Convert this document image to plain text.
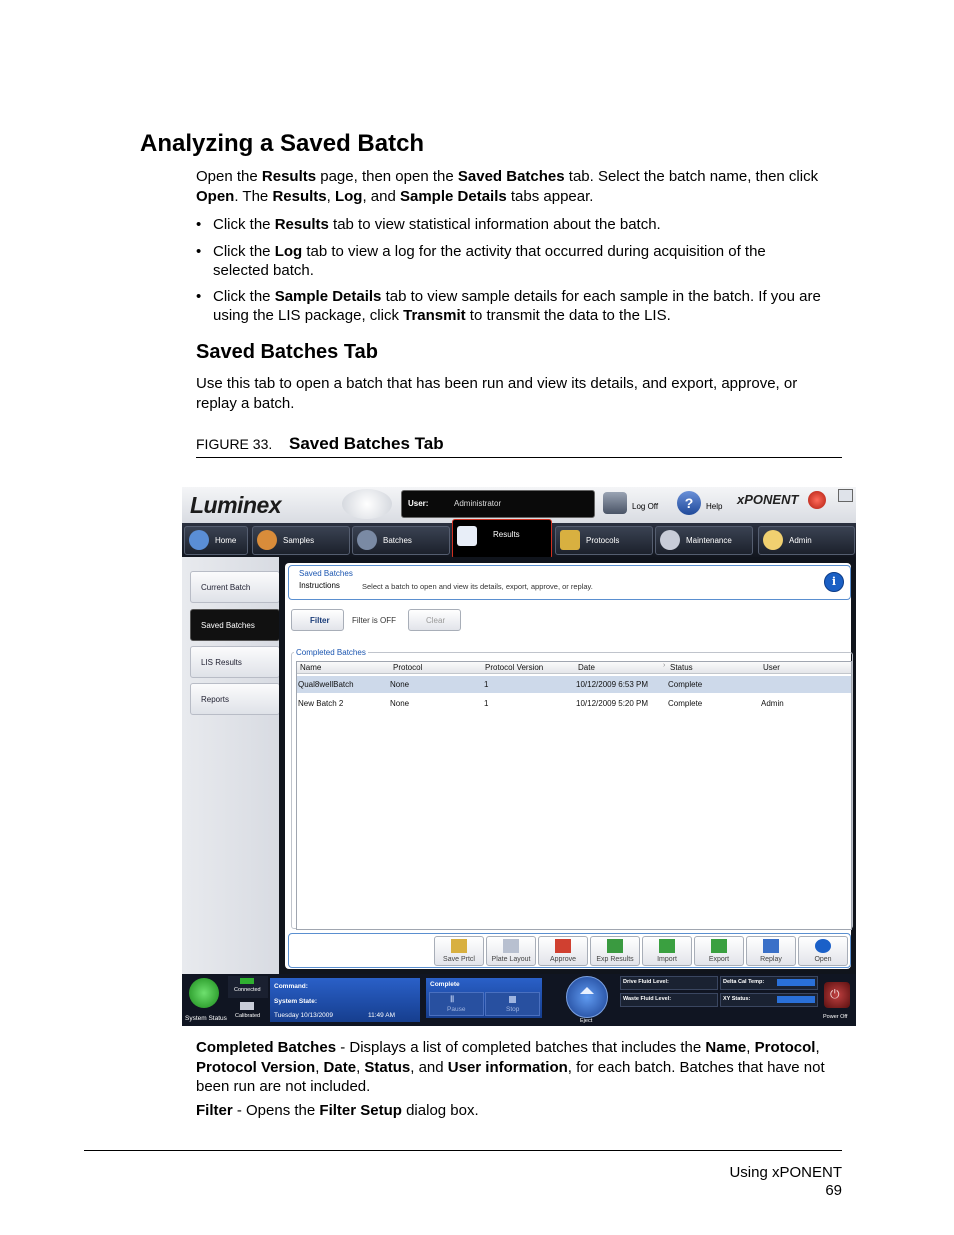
Analyzing a Saved Batch
Open the Results page, then open the Saved Batches tab. Select the batch name, then click Open. The Results, Log, and Sample Details tabs appear.
• Click the Results tab to view statistical information about the batch.
• Click the Log tab to view a log for the activity that occurred during acquisition of the selected batch.
• Click the Sample Details tab to view sample details for each sample in the batch. If you are using the LIS package, click Transmit to transmit the data to the LIS.
Saved Batches Tab
Use this tab to open a batch that has been run and view its details, and export, approve, or replay a batch.
FIGURE 33. Saved Batches Tab
Luminex	User:	Administrator	Log Off	?	Help xPONENT
Home	Samples	Batches
Results
Protocols	Maintenance	Admin
Current Batch
Saved Batches
LIS Results
Reports
Saved Batches
Instructions	Select a batch to open and view its details, export, approve, or replay.	i
Filter	Filter is OFF	Clear
Completed Batches
Name	Protocol	Protocol Version	Date	› Status	User
Qual8wellBatch	None	1	10/12/2009 6:53 PM Complete
New Batch 2	None	1	10/12/2009 5:20 PM Complete	Admin
Save Prtcl	Plate Layout	Approve	Exp Results	Import	Export	Replay	Open
System Status
Connected
Calibrated
Command:
System State:
Tuesday 10/13/2009	11:49 AM
Complete
Ⅱ
Pause	Stop
Eject
Drive Fluid Level:
Waste Fluid Level:
Delta Cal Temp:
XY Status:	⏻
Power Off
Completed Batches - Displays a list of completed batches that includes the Name, Protocol, Protocol Version, Date, Status, and User information, for each batch. Batches that have not been run are not included.
Filter - Opens the Filter Setup dialog box.
Using xPONENT
69
